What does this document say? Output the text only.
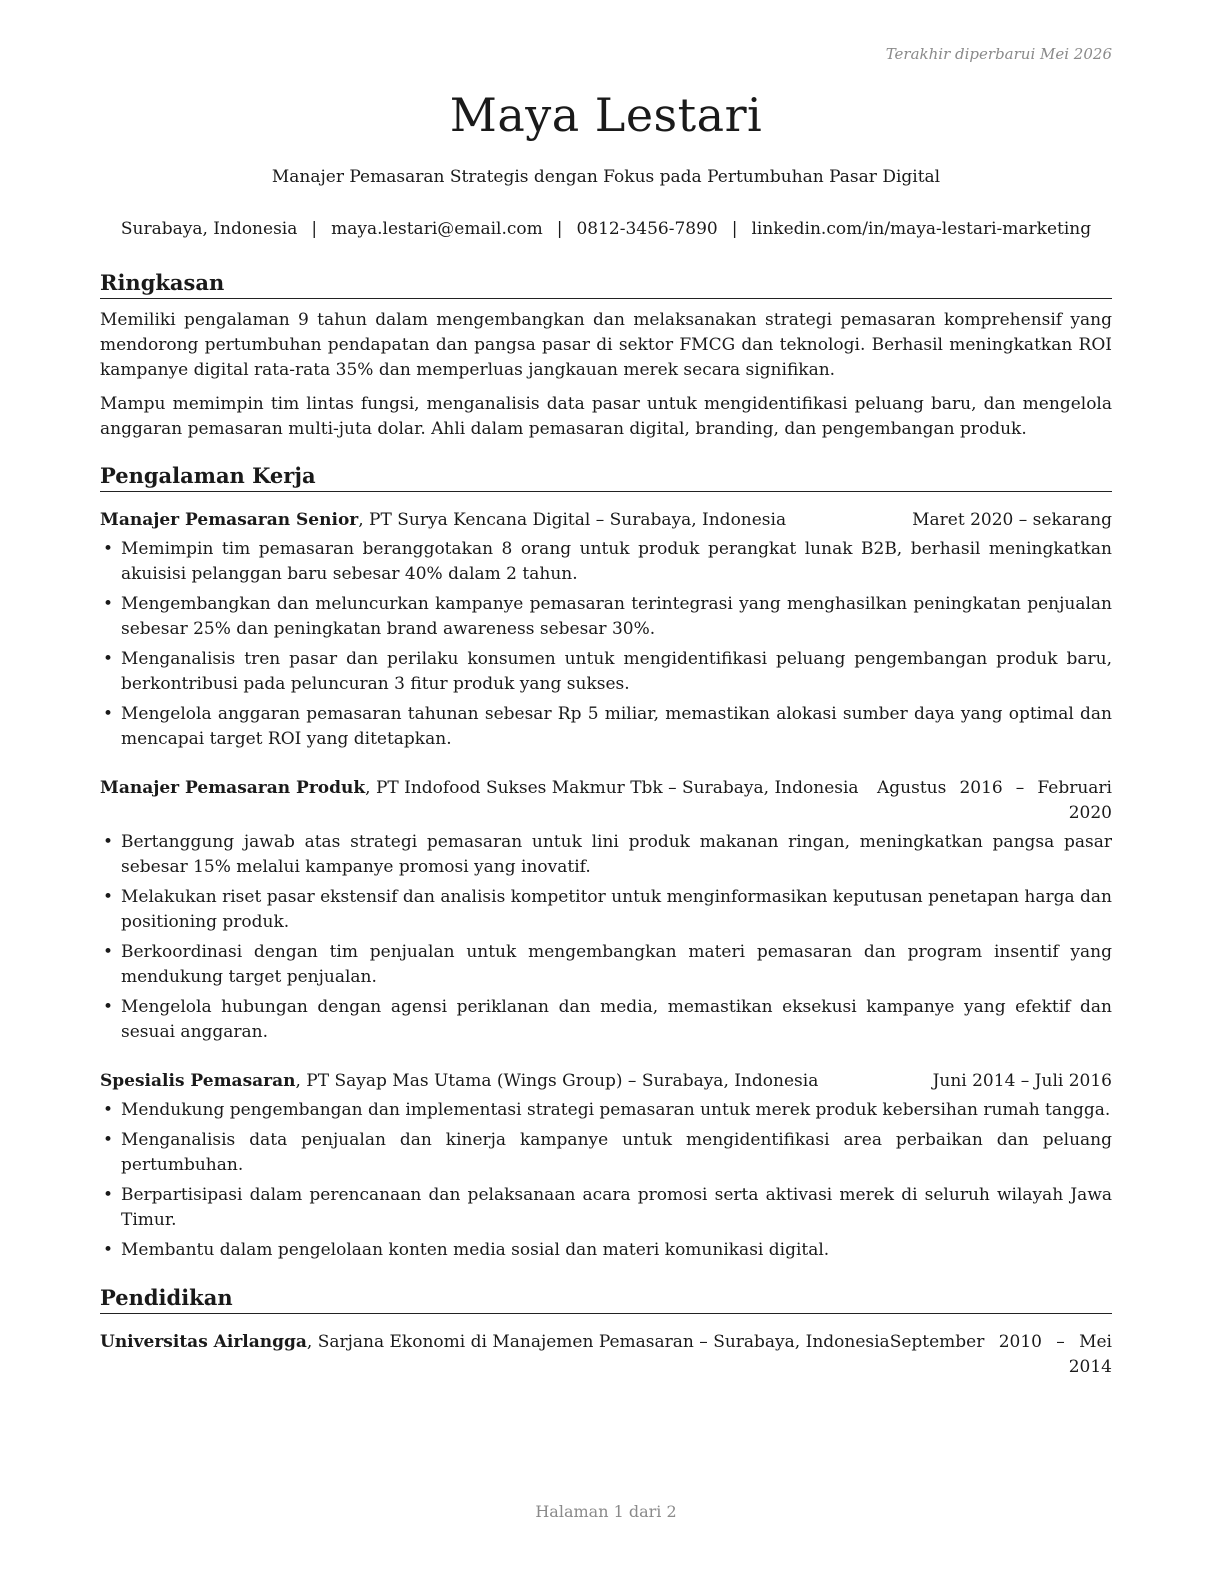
Terakhir diperbarui Mei 2026
Maya Lestari
Manajer Pemasaran Strategis dengan Fokus pada Pertumbuhan Pasar Digital
Surabaya, Indonesia | maya.lestari@email.com | 0812-3456-7890 | linkedin.com/in/maya-lestari-marketing
Ringkasan

Memiliki pengalaman 9 tahun dalam mengembangkan dan melaksanakan strategi pemasaran komprehensif yang mendorong pertumbuhan pendapatan dan pangsa pasar di sektor FMCG dan teknologi. Berhasil meningkatkan ROI kampanye digital rata-rata 35% dan memperluas jangkauan merek secara signifikan.

Mampu memimpin tim lintas fungsi, menganalisis data pasar untuk mengidentifikasi peluang baru, dan mengelola anggaran pemasaran multi-juta dolar. Ahli dalam pemasaran digital, branding, dan pengembangan produk.

Pengalaman Kerja
Manajer Pemasaran Senior, PT Surya Kencana Digital – Surabaya, Indonesia	Maret 2020 – sekarang
• Memimpin tim pemasaran beranggotakan 8 orang untuk produk perangkat lunak B2B, berhasil meningkatkan akuisisi pelanggan baru sebesar 40% dalam 2 tahun.
• Mengembangkan dan meluncurkan kampanye pemasaran terintegrasi yang menghasilkan peningkatan penjualan sebesar 25% dan peningkatan brand awareness sebesar 30%.
• Menganalisis tren pasar dan perilaku konsumen untuk mengidentifikasi peluang pengembangan produk baru, berkontribusi pada peluncuran 3 fitur produk yang sukses.
• Mengelola anggaran pemasaran tahunan sebesar Rp 5 miliar, memastikan alokasi sumber daya yang optimal dan mencapai target ROI yang ditetapkan.
Manajer Pemasaran Produk, PT Indofood Sukses Makmur Tbk – Surabaya, Indonesia Agustus 2016 – Februari 2020
• Bertanggung jawab atas strategi pemasaran untuk lini produk makanan ringan, meningkatkan pangsa pasar sebesar 15% melalui kampanye promosi yang inovatif.
• Melakukan riset pasar ekstensif dan analisis kompetitor untuk menginformasikan keputusan penetapan harga dan positioning produk.
• Berkoordinasi dengan tim penjualan untuk mengembangkan materi pemasaran dan program insentif yang mendukung target penjualan.
• Mengelola hubungan dengan agensi periklanan dan media, memastikan eksekusi kampanye yang efektif dan sesuai anggaran.
Spesialis Pemasaran, PT Sayap Mas Utama (Wings Group) – Surabaya, Indonesia	Juni 2014 – Juli 2016
• Mendukung pengembangan dan implementasi strategi pemasaran untuk merek produk kebersihan rumah tangga.
• Menganalisis data penjualan dan kinerja kampanye untuk mengidentifikasi area perbaikan dan peluang pertumbuhan.
• Berpartisipasi dalam perencanaan dan pelaksanaan acara promosi serta aktivasi merek di seluruh wilayah Jawa Timur.
• Membantu dalam pengelolaan konten media sosial dan materi komunikasi digital.
Pendidikan
Universitas Airlangga, Sarjana Ekonomi di Manajemen Pemasaran – Surabaya, Indonesia September 2010 – Mei 2014
Halaman 1 dari 2
